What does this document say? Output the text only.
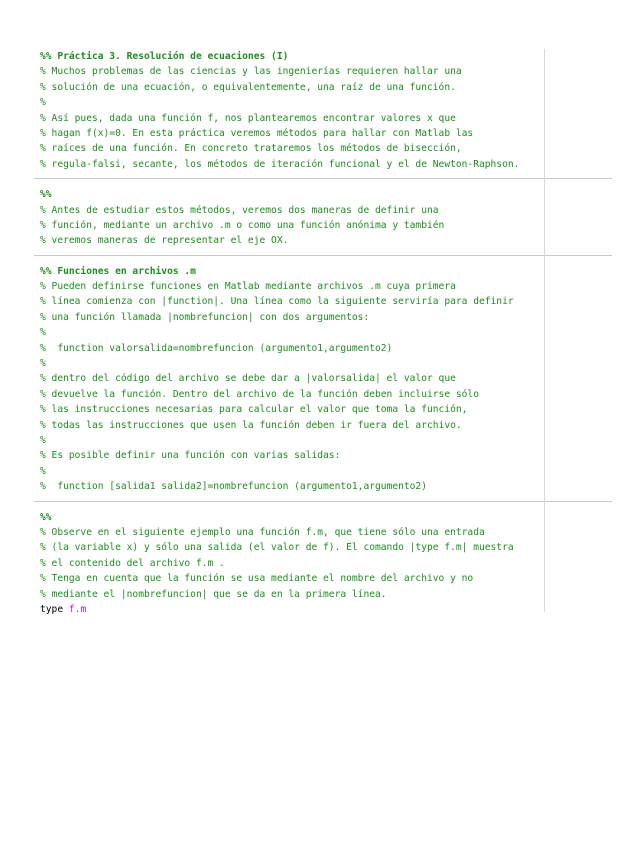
%% Práctica 3. Resolución de ecuaciones (I)
% Muchos problemas de las ciencias y las ingenierías requieren hallar una
% solución de una ecuación, o equivalentemente, una raíz de una función.
%
% Así pues, dada una función f, nos plantearemos encontrar valores x que
% hagan f(x)=0. En esta práctica veremos métodos para hallar con Matlab las
% raíces de una función. En concreto trataremos los métodos de bisección,
% regula-falsi, secante, los métodos de iteración funcional y el de Newton-Raphson.
%%
% Antes de estudiar estos métodos, veremos dos maneras de definir una
% función, mediante un archivo .m o como una función anónima y también
% veremos maneras de representar el eje OX.
%% Funciones en archivos .m
% Pueden definirse funciones en Matlab mediante archivos .m cuya primera
% línea comienza con |function|. Una línea como la siguiente serviría para definir
% una función llamada |nombrefuncion| con dos argumentos:
%
%  function valorsalida=nombrefuncion (argumento1,argumento2)
%
% dentro del código del archivo se debe dar a |valorsalida| el valor que
% devuelve la función. Dentro del archivo de la función deben incluirse sólo
% las instrucciones necesarias para calcular el valor que toma la función,
% todas las instrucciones que usen la función deben ir fuera del archivo.
%
% Es posible definir una función con varias salidas:
%
%  function [salida1 salida2]=nombrefuncion (argumento1,argumento2)
%%
% Observe en el siguiente ejemplo una función f.m, que tiene sólo una entrada
% (la variable x) y sólo una salida (el valor de f). El comando |type f.m| muestra
% el contenido del archivo f.m .
% Tenga en cuenta que la función se usa mediante el nombre del archivo y no
% mediante el |nombrefuncion| que se da en la primera línea.
type f.m
